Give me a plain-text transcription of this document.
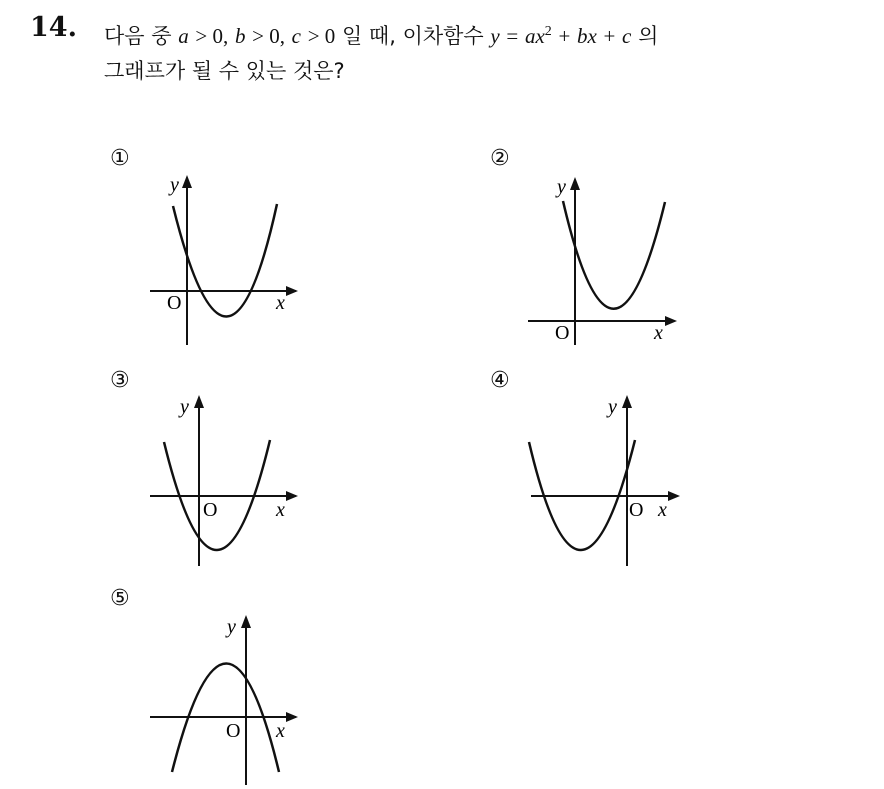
14. 다음 중 a > 0, b > 0, c > 0 일 때, 이차함수 $y = ax^2$ + bx + c 의
그래프가 될 수 있는 것은?
①
y
x
O
y
x
O
y
x
O
y
x
O
y
x
O
②
③	④
⑤
